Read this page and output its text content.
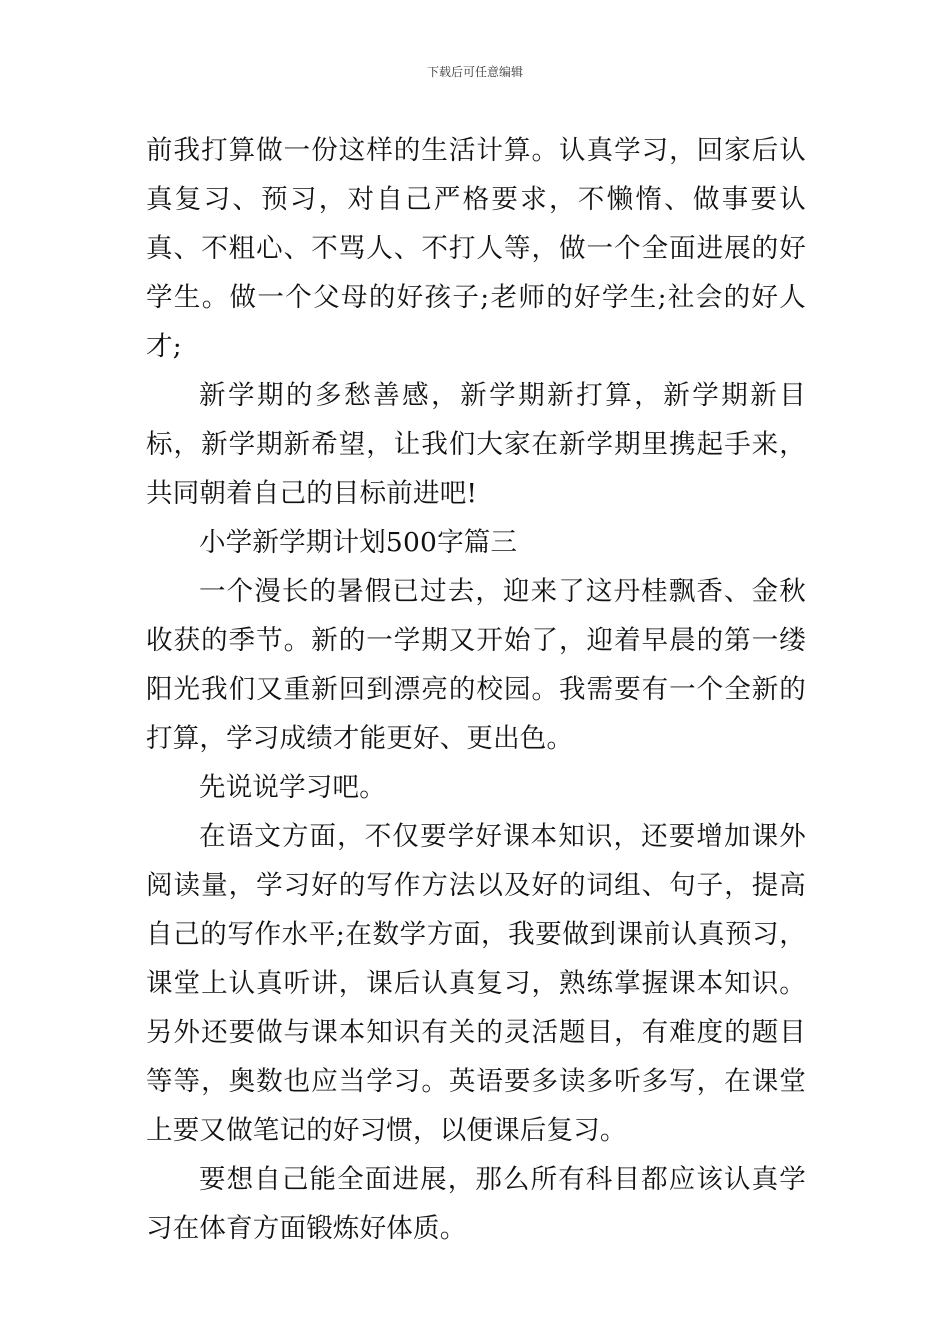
下载后可任意编辑

前我打算做一份这样的生活计算。认真学习，回家后认真复习、预习，对自己严格要求，不懒惰、做事要认真、不粗心、不骂人、不打人等，做一个全面进展的好学生。做一个父母的好孩子;老师的好学生;社会的好人才;

新学期的多愁善感，新学期新打算，新学期新目标，新学期新希望，让我们大家在新学期里携起手来，共同朝着自己的目标前进吧!

小学新学期计划500字篇三

一个漫长的暑假已过去，迎来了这丹桂飘香、金秋收获的季节。新的一学期又开始了，迎着早晨的第一缕阳光我们又重新回到漂亮的校园。我需要有一个全新的打算，学习成绩才能更好、更出色。

先说说学习吧。

在语文方面，不仅要学好课本知识，还要增加课外阅读量，学习好的写作方法以及好的词组、句子，提高自己的写作水平;在数学方面，我要做到课前认真预习，课堂上认真听讲，课后认真复习，熟练掌握课本知识。另外还要做与课本知识有关的灵活题目，有难度的题目等等，奥数也应当学习。英语要多读多听多写，在课堂上要又做笔记的好习惯，以便课后复习。

要想自己能全面进展，那么所有科目都应该认真学习在体育方面锻炼好体质。
